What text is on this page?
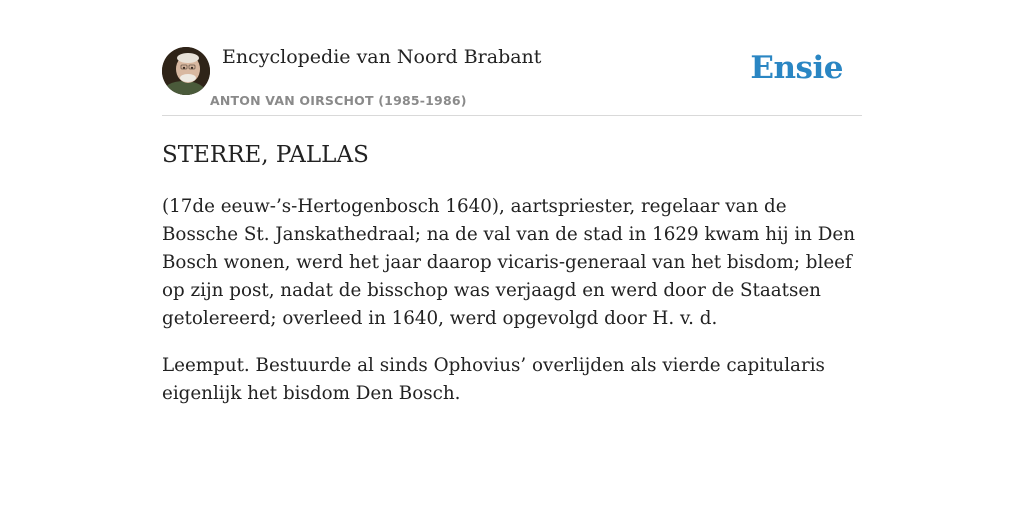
Encyclopedie van Noord Brabant
ANTON VAN OIRSCHOT (1985-1986)
Ensie
STERRE, PALLAS

(17de eeuw-’s-Hertogenbosch 1640), aartspriester, regelaar van de Bossche St. Janskathedraal; na de val van de stad in 1629 kwam hij in Den Bosch wonen, werd het jaar daarop vicaris-generaal van het bisdom; bleef op zijn post, nadat de bisschop was verjaagd en werd door de Staatsen getolereerd; overleed in 1640, werd opgevolgd door H. v. d.

Leemput. Bestuurde al sinds Ophovius’ overlijden als vierde capitularis eigenlijk het bisdom Den Bosch.
